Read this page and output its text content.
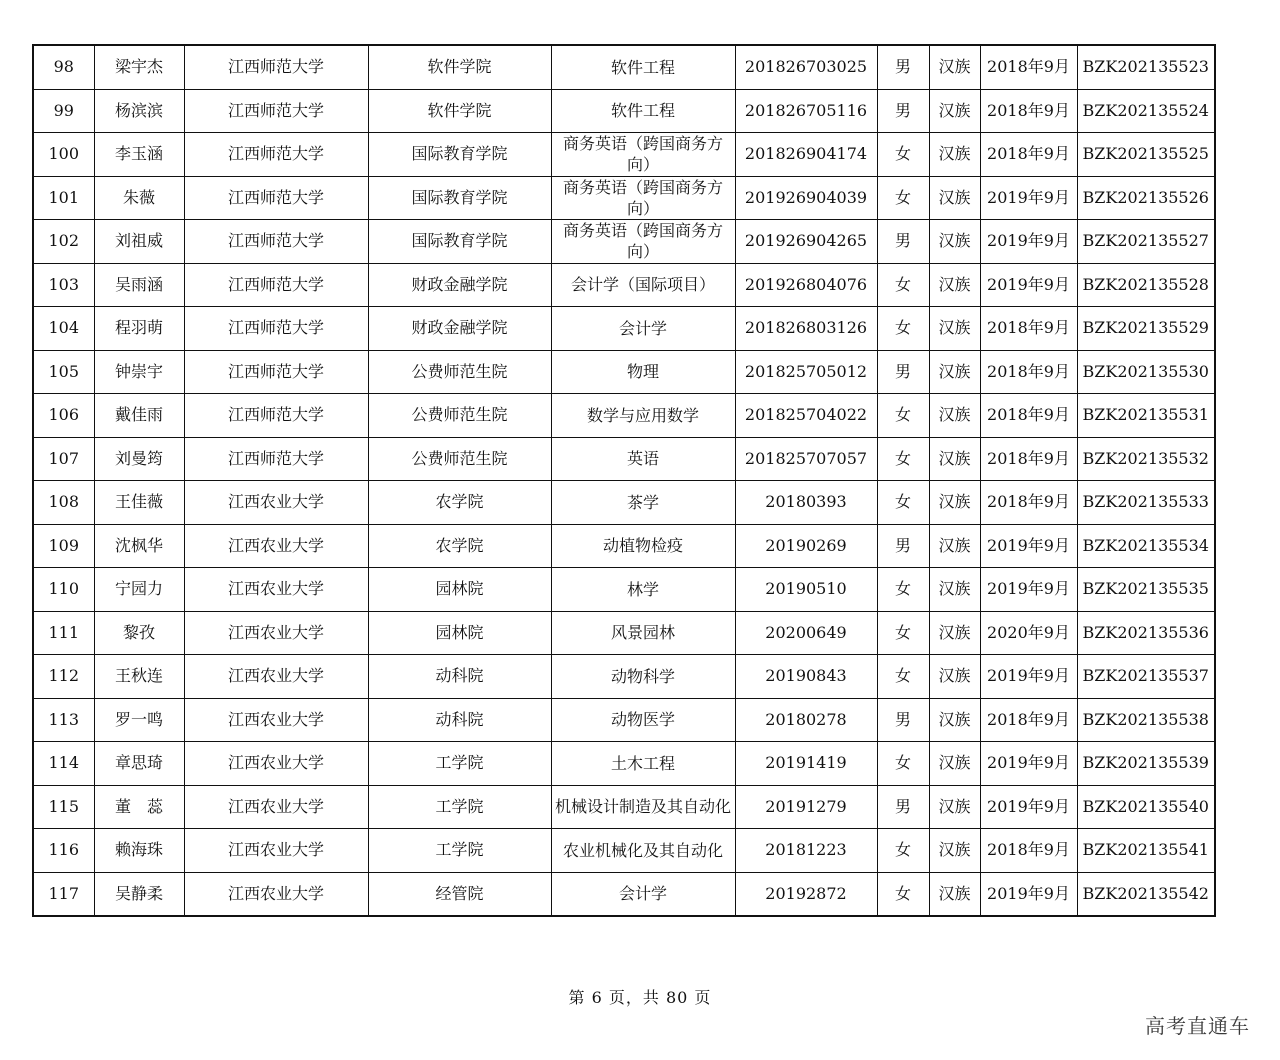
98	梁宇杰	江西师范大学	软件学院	软件工程	201826703025	男	汉族	2018年9月	BZK202135523
99	杨滨滨	江西师范大学	软件学院	软件工程	201826705116	男	汉族	2018年9月	BZK202135524
100	李玉涵	江西师范大学	国际教育学院	商务英语（跨国商务方向）	201826904174	女	汉族	2018年9月	BZK202135525
101	朱薇	江西师范大学	国际教育学院	商务英语（跨国商务方向）	201926904039	女	汉族	2019年9月	BZK202135526
102	刘祖威	江西师范大学	国际教育学院	商务英语（跨国商务方向）	201926904265	男	汉族	2019年9月	BZK202135527
103	吴雨涵	江西师范大学	财政金融学院	会计学（国际项目）	201926804076	女	汉族	2019年9月	BZK202135528
104	程羽萌	江西师范大学	财政金融学院	会计学	201826803126	女	汉族	2018年9月	BZK202135529
105	钟崇宇	江西师范大学	公费师范生院	物理	201825705012	男	汉族	2018年9月	BZK202135530
106	戴佳雨	江西师范大学	公费师范生院	数学与应用数学	201825704022	女	汉族	2018年9月	BZK202135531
107	刘曼筠	江西师范大学	公费师范生院	英语	201825707057	女	汉族	2018年9月	BZK202135532
108	王佳薇	江西农业大学	农学院	茶学	20180393	女	汉族	2018年9月	BZK202135533
109	沈枫华	江西农业大学	农学院	动植物检疫	20190269	男	汉族	2019年9月	BZK202135534
110	宁园力	江西农业大学	园林院	林学	20190510	女	汉族	2019年9月	BZK202135535
111	黎孜	江西农业大学	园林院	风景园林	20200649	女	汉族	2020年9月	BZK202135536
112	王秋连	江西农业大学	动科院	动物科学	20190843	女	汉族	2019年9月	BZK202135537
113	罗一鸣	江西农业大学	动科院	动物医学	20180278	男	汉族	2018年9月	BZK202135538
114	章思琦	江西农业大学	工学院	土木工程	20191419	女	汉族	2019年9月	BZK202135539
115	董　蕊	江西农业大学	工学院	机械设计制造及其自动化	20191279	男	汉族	2019年9月	BZK202135540
116	赖海珠	江西农业大学	工学院	农业机械化及其自动化	20181223	女	汉族	2018年9月	BZK202135541
117	吴静柔	江西农业大学	经管院	会计学	20192872	女	汉族	2019年9月	BZK202135542
第 6 页，共 80 页
高考直通车
